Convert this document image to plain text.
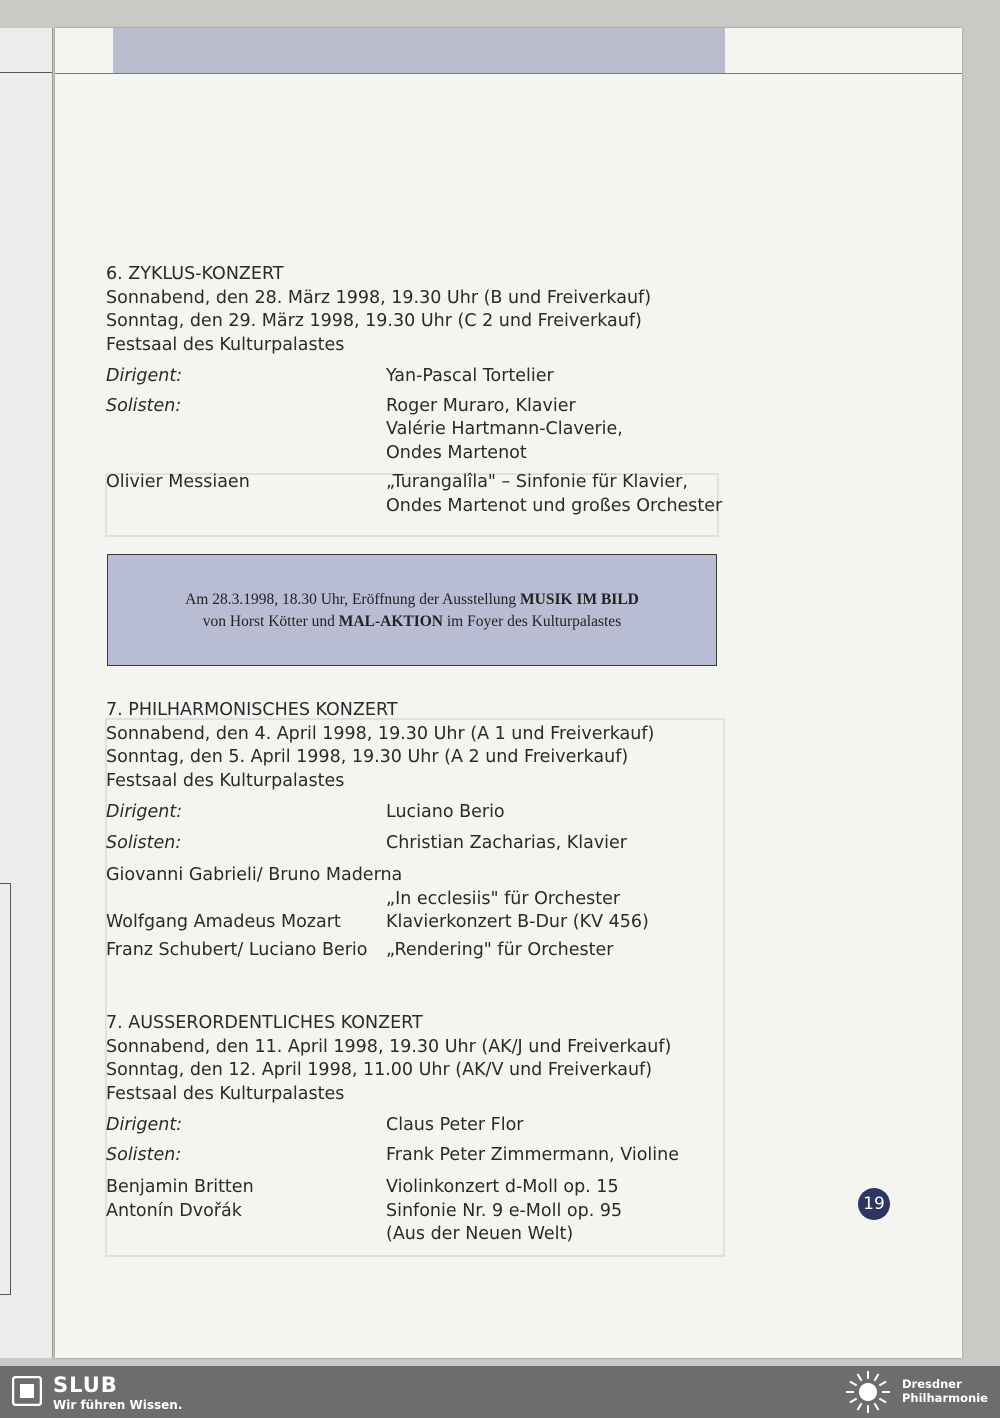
6. ZYKLUS-KONZERT
Sonnabend, den 28. März 1998, 19.30 Uhr (B und Freiverkauf)
Sonntag, den 29. März 1998, 19.30 Uhr (C 2 und Freiverkauf)
Festsaal des Kulturpalastes
Dirigent:	Yan-Pascal Tortelier
Solisten:	Roger Muraro, Klavier
Valérie Hartmann-Claverie,
Ondes Martenot
Olivier Messiaen	„Turangalîla" – Sinfonie für Klavier,
Ondes Martenot und großes Orchester
Am 28.3.1998, 18.30 Uhr, Eröffnung der Ausstellung MUSIK IM BILD
von Horst Kötter und MAL-AKTION im Foyer des Kulturpalastes
7. PHILHARMONISCHES KONZERT
Sonnabend, den 4. April 1998, 19.30 Uhr (A 1 und Freiverkauf)
Sonntag, den 5. April 1998, 19.30 Uhr (A 2 und Freiverkauf)
Festsaal des Kulturpalastes
Dirigent:	Luciano Berio
Solisten:	Christian Zacharias, Klavier
Giovanni Gabrieli/ Bruno Maderna
„In ecclesiis" für Orchester
Wolfgang Amadeus Mozart	Klavierkonzert B-Dur (KV 456)
Franz Schubert/ Luciano Berio	„Rendering" für Orchester
7. AUSSERORDENTLICHES KONZERT
Sonnabend, den 11. April 1998, 19.30 Uhr (AK/J und Freiverkauf)
Sonntag, den 12. April 1998, 11.00 Uhr (AK/V und Freiverkauf)
Festsaal des Kulturpalastes
Dirigent:	Claus Peter Flor
Solisten:	Frank Peter Zimmermann, Violine
Benjamin Britten	Violinkonzert d-Moll op. 15
Antonín Dvořák	Sinfonie Nr. 9 e-Moll op. 95
(Aus der Neuen Welt)
19
SLUB
Wir führen Wissen.
Dresdner
Philharmonie
